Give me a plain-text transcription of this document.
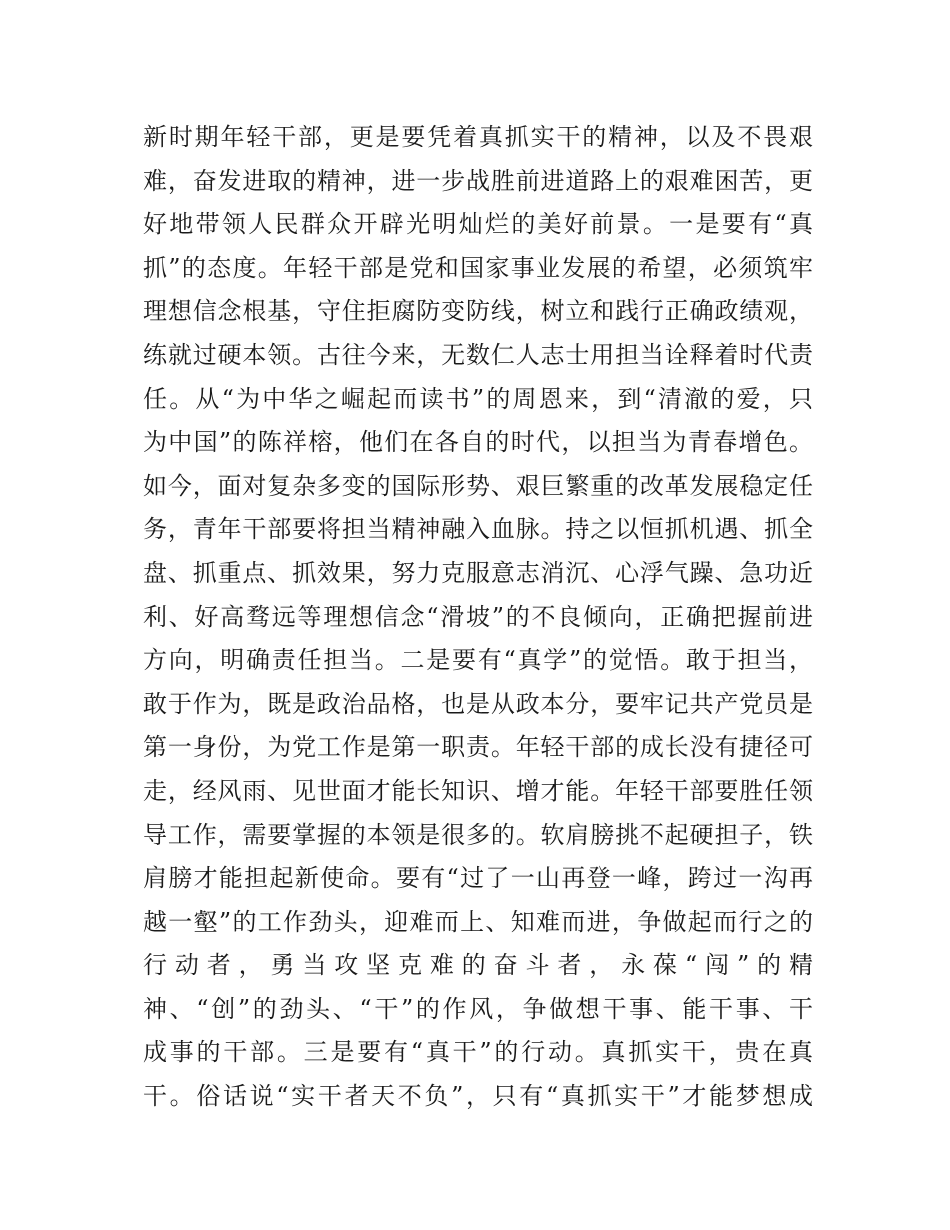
新时期年轻干部，更是要凭着真抓实干的精神，以及不畏艰
难，奋发进取的精神，进一步战胜前进道路上的艰难困苦，更
好地带领人民群众开辟光明灿烂的美好前景。一是要有“真
抓”的态度。年轻干部是党和国家事业发展的希望，必须筑牢
理想信念根基，守住拒腐防变防线，树立和践行正确政绩观，
练就过硬本领。古往今来，无数仁人志士用担当诠释着时代责
任。从“为中华之崛起而读书”的周恩来，到“清澈的爱，只
为中国”的陈祥榕，他们在各自的时代，以担当为青春增色。
如今，面对复杂多变的国际形势、艰巨繁重的改革发展稳定任
务，青年干部要将担当精神融入血脉。持之以恒抓机遇、抓全
盘、抓重点、抓效果，努力克服意志消沉、心浮气躁、急功近
利、好高骛远等理想信念“滑坡”的不良倾向，正确把握前进
方向，明确责任担当。二是要有“真学”的觉悟。敢于担当，
敢于作为，既是政治品格，也是从政本分，要牢记共产党员是
第一身份，为党工作是第一职责。年轻干部的成长没有捷径可
走，经风雨、见世面才能长知识、增才能。年轻干部要胜任领
导工作，需要掌握的本领是很多的。软肩膀挑不起硬担子，铁
肩膀才能担起新使命。要有“过了一山再登一峰，跨过一沟再
越一壑”的工作劲头，迎难而上、知难而进，争做起而行之的
行动者，勇当攻坚克难的奋斗者，永葆“闯”的精
神、“创”的劲头、“干”的作风，争做想干事、能干事、干
成事的干部。三是要有“真干”的行动。真抓实干，贵在真
干。俗话说“实干者天不负”，只有“真抓实干”才能梦想成
